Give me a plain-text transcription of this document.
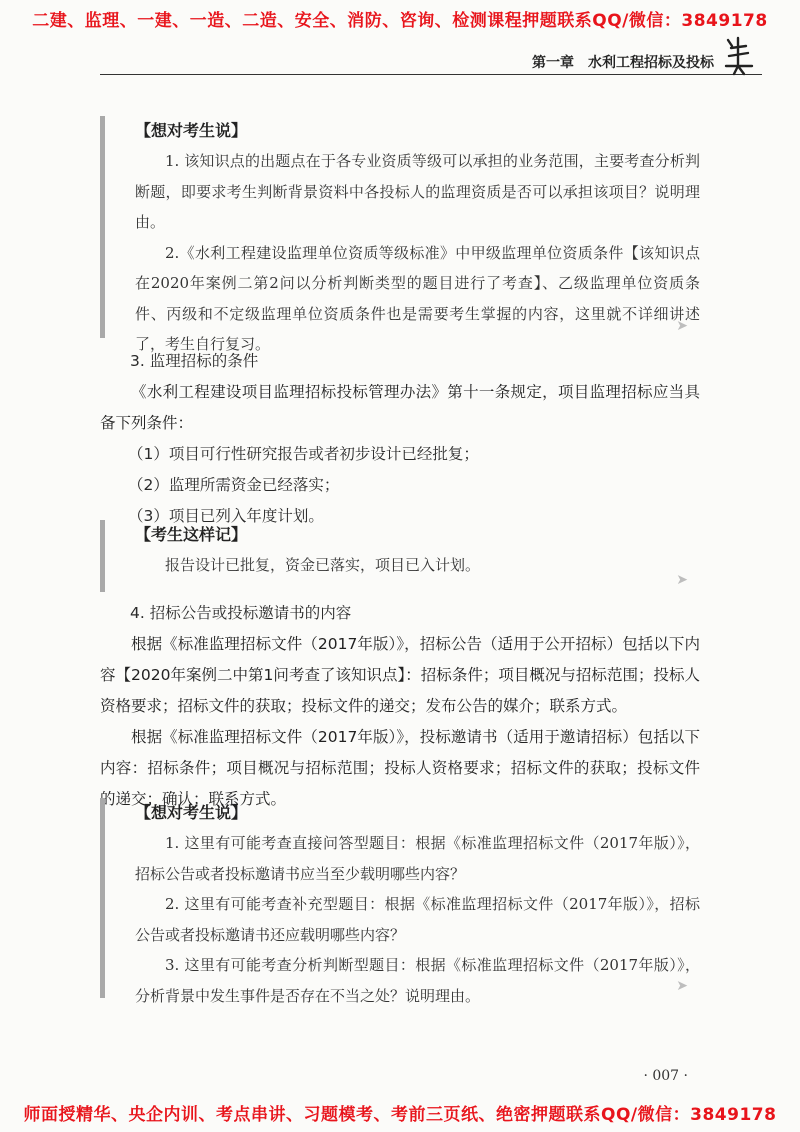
二建、监理、一建、一造、二造、安全、消防、咨询、检测课程押题联系QQ/微信：3849178
第一章　水利工程招标及投标
【想对考生说】

1. 该知识点的出题点在于各专业资质等级可以承担的业务范围，主要考查分析判断题，即要求考生判断背景资料中各投标人的监理资质是否可以承担该项目？说明理由。

2.《水利工程建设监理单位资质等级标准》中甲级监理单位资质条件【该知识点在2020年案例二第2问以分析判断类型的题目进行了考查】、乙级监理单位资质条件、丙级和不定级监理单位资质条件也是需要考生掌握的内容，这里就不详细讲述了，考生自行复习。

➤

3. 监理招标的条件

《水利工程建设项目监理招标投标管理办法》第十一条规定，项目监理招标应当具备下列条件：

（1）项目可行性研究报告或者初步设计已经批复；

（2）监理所需资金已经落实；

（3）项目已列入年度计划。

【考生这样记】

报告设计已批复，资金已落实，项目已入计划。

➤

4. 招标公告或投标邀请书的内容

根据《标准监理招标文件（2017年版）》，招标公告（适用于公开招标）包括以下内容【2020年案例二中第1问考查了该知识点】：招标条件；项目概况与招标范围；投标人资格要求；招标文件的获取；投标文件的递交；发布公告的媒介；联系方式。

根据《标准监理招标文件（2017年版）》，投标邀请书（适用于邀请招标）包括以下内容：招标条件；项目概况与招标范围；投标人资格要求；招标文件的获取；投标文件的递交；确认；联系方式。

【想对考生说】

1. 这里有可能考查直接问答型题目：根据《标准监理招标文件（2017年版）》，招标公告或者投标邀请书应当至少载明哪些内容？

2. 这里有可能考查补充型题目：根据《标准监理招标文件（2017年版）》，招标公告或者投标邀请书还应载明哪些内容？

3. 这里有可能考查分析判断型题目：根据《标准监理招标文件（2017年版）》，分析背景中发生事件是否存在不当之处？说明理由。

➤
· 007 ·
师面授精华、央企内训、考点串讲、习题模考、考前三页纸、绝密押题联系QQ/微信：3849178
